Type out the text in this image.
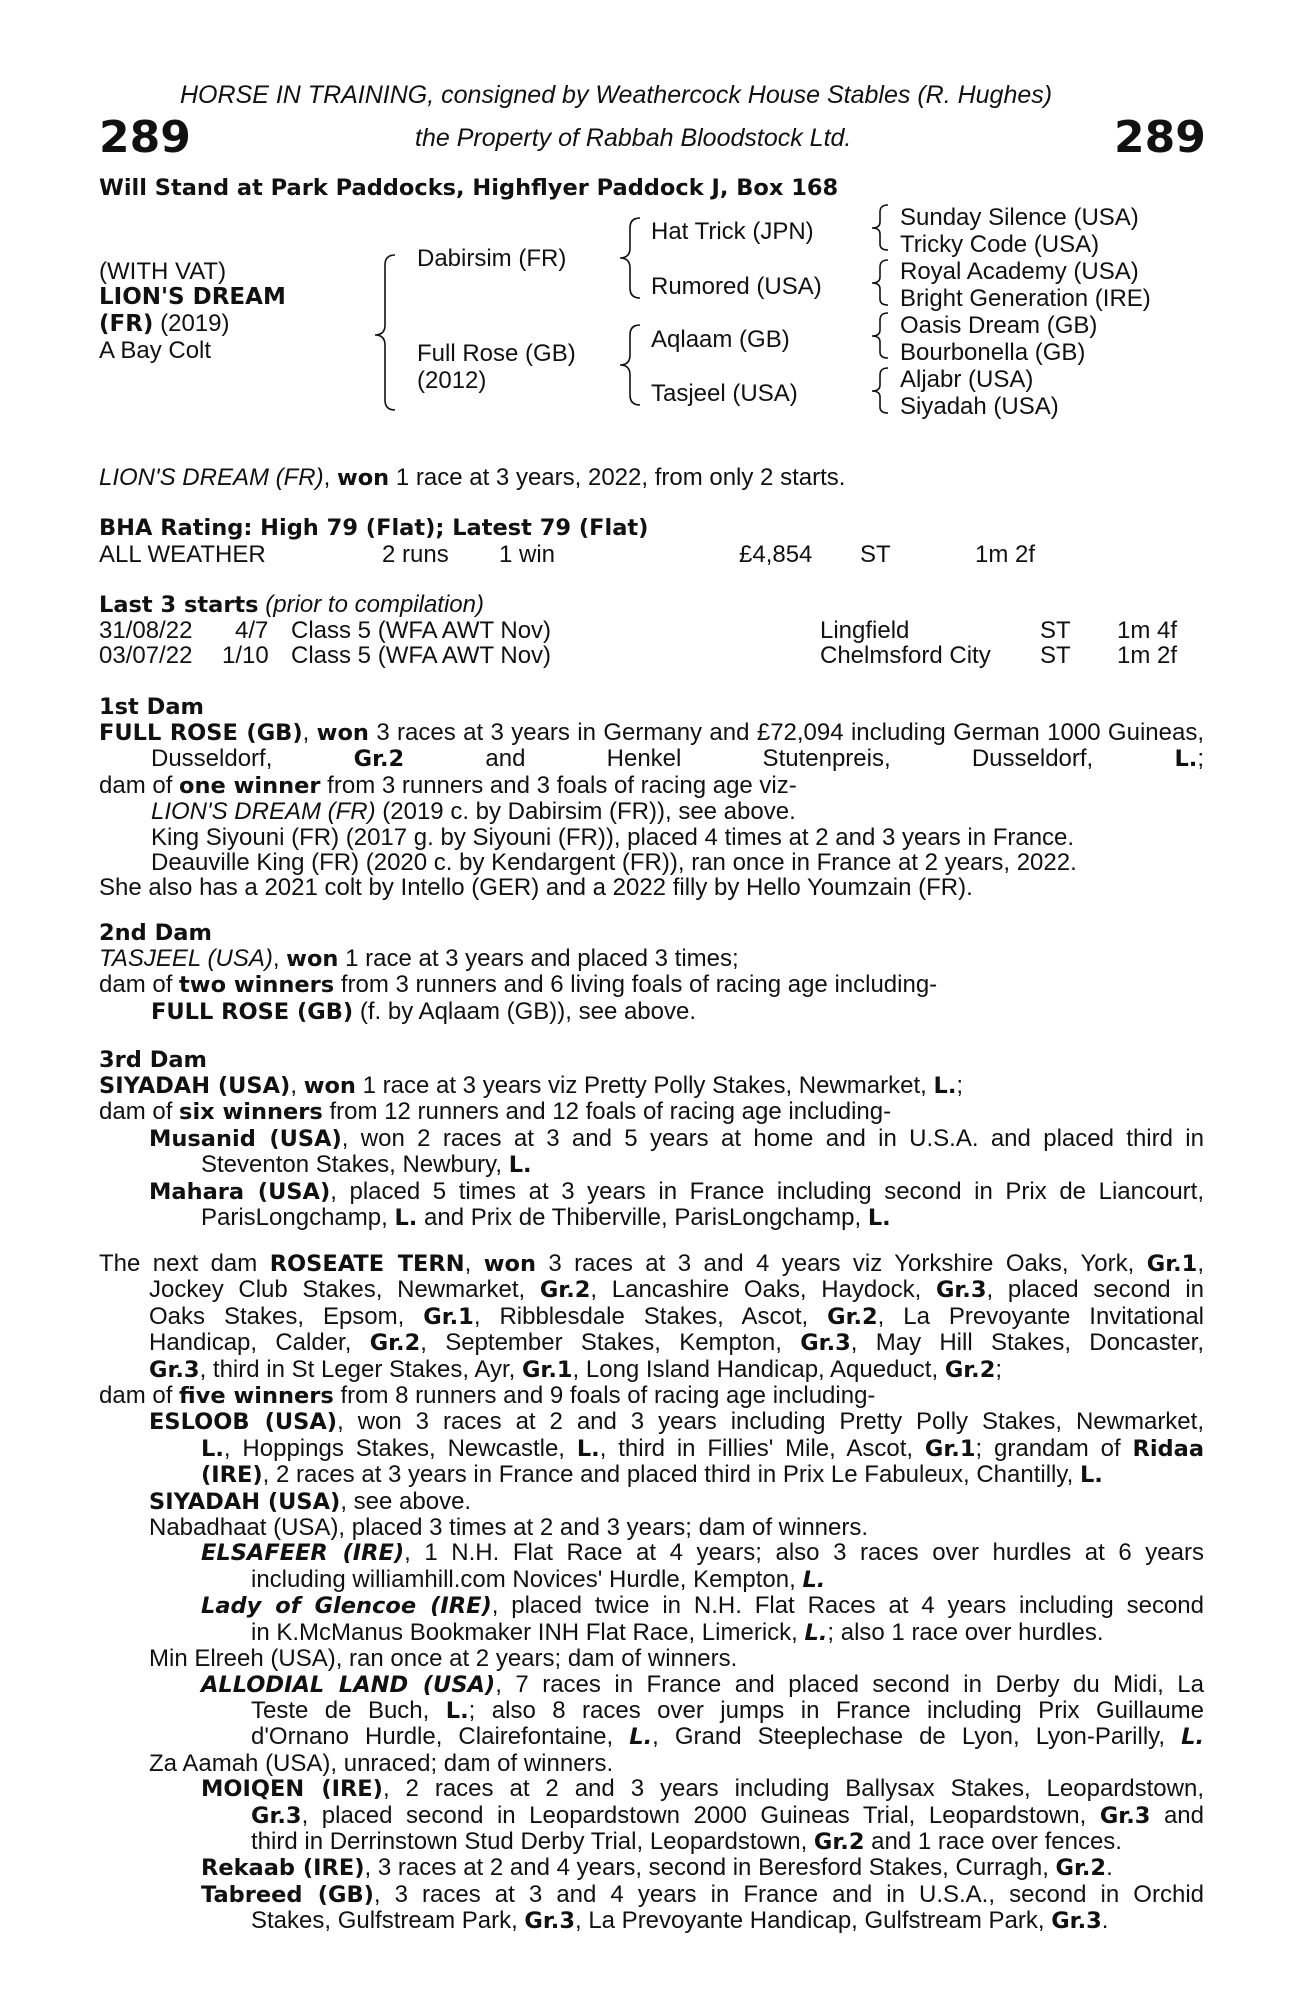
HORSE IN TRAINING, consigned by Weathercock House Stables (R. Hughes)
289	the Property of Rabbah Bloodstock Ltd.	289
Will Stand at Park Paddocks, Highflyer Paddock J, Box 168
(WITH VAT)
LION'S DREAM
(FR) (2019)
A Bay Colt
Dabirsim (FR)
Full Rose (GB)
(2012)
Hat Trick (JPN)
Rumored (USA)
Aqlaam (GB)
Tasjeel (USA)
Sunday Silence (USA)
Tricky Code (USA)
Royal Academy (USA)
Bright Generation (IRE)
Oasis Dream (GB)
Bourbonella (GB)
Aljabr (USA)
Siyadah (USA)
LION'S DREAM (FR), won 1 race at 3 years, 2022, from only 2 starts.
BHA Rating: High 79 (Flat); Latest 79 (Flat)
ALL WEATHER	2 runs 1 win	£4,854 ST	1m 2f
Last 3 starts (prior to compilation)
31/08/22 4/7 Class 5 (WFA AWT Nov)	Lingfield	ST 1m 4f
03/07/22 1/10 Class 5 (WFA AWT Nov)	Chelmsford City ST 1m 2f

1st Dam

FULL ROSE (GB), won 3 races at 3 years in Germany and £72,094 including German 1000 Guineas, Dusseldorf, Gr.2 and Henkel Stutenpreis, Dusseldorf, L.;

dam of one winner from 3 runners and 3 foals of racing age viz-

LION'S DREAM (FR) (2019 c. by Dabirsim (FR)), see above.

King Siyouni (FR) (2017 g. by Siyouni (FR)), placed 4 times at 2 and 3 years in France.

Deauville King (FR) (2020 c. by Kendargent (FR)), ran once in France at 2 years, 2022.

She also has a 2021 colt by Intello (GER) and a 2022 filly by Hello Youmzain (FR).

2nd Dam

TASJEEL (USA), won 1 race at 3 years and placed 3 times;

dam of two winners from 3 runners and 6 living foals of racing age including-

FULL ROSE (GB) (f. by Aqlaam (GB)), see above.

3rd Dam

SIYADAH (USA), won 1 race at 3 years viz Pretty Polly Stakes, Newmarket, L.;

dam of six winners from 12 runners and 12 foals of racing age including-

Musanid (USA), won 2 races at 3 and 5 years at home and in U.S.A. and placed third in

Steventon Stakes, Newbury, L.

Mahara (USA), placed 5 times at 3 years in France including second in Prix de Liancourt,

ParisLongchamp, L. and Prix de Thiberville, ParisLongchamp, L.

The next dam ROSEATE TERN, won 3 races at 3 and 4 years viz Yorkshire Oaks, York, Gr.1,

Jockey Club Stakes, Newmarket, Gr.2, Lancashire Oaks, Haydock, Gr.3, placed second in

Oaks Stakes, Epsom, Gr.1, Ribblesdale Stakes, Ascot, Gr.2, La Prevoyante Invitational

Handicap, Calder, Gr.2, September Stakes, Kempton, Gr.3, May Hill Stakes, Doncaster,

Gr.3, third in St Leger Stakes, Ayr, Gr.1, Long Island Handicap, Aqueduct, Gr.2;

dam of five winners from 8 runners and 9 foals of racing age including-

ESLOOB (USA), won 3 races at 2 and 3 years including Pretty Polly Stakes, Newmarket,

L., Hoppings Stakes, Newcastle, L., third in Fillies' Mile, Ascot, Gr.1; grandam of Ridaa

(IRE), 2 races at 3 years in France and placed third in Prix Le Fabuleux, Chantilly, L.

SIYADAH (USA), see above.

Nabadhaat (USA), placed 3 times at 2 and 3 years; dam of winners.

ELSAFEER (IRE), 1 N.H. Flat Race at 4 years; also 3 races over hurdles at 6 years

including williamhill.com Novices' Hurdle, Kempton, L.

Lady of Glencoe (IRE), placed twice in N.H. Flat Races at 4 years including second

in K.McManus Bookmaker INH Flat Race, Limerick, L.; also 1 race over hurdles.

Min Elreeh (USA), ran once at 2 years; dam of winners.

ALLODIAL LAND (USA), 7 races in France and placed second in Derby du Midi, La

Teste de Buch, L.; also 8 races over jumps in France including Prix Guillaume

d'Ornano Hurdle, Clairefontaine, L., Grand Steeplechase de Lyon, Lyon-Parilly, L.

Za Aamah (USA), unraced; dam of winners.

MOIQEN (IRE), 2 races at 2 and 3 years including Ballysax Stakes, Leopardstown,

Gr.3, placed second in Leopardstown 2000 Guineas Trial, Leopardstown, Gr.3 and

third in Derrinstown Stud Derby Trial, Leopardstown, Gr.2 and 1 race over fences.

Rekaab (IRE), 3 races at 2 and 4 years, second in Beresford Stakes, Curragh, Gr.2.

Tabreed (GB), 3 races at 3 and 4 years in France and in U.S.A., second in Orchid

Stakes, Gulfstream Park, Gr.3, La Prevoyante Handicap, Gulfstream Park, Gr.3.
